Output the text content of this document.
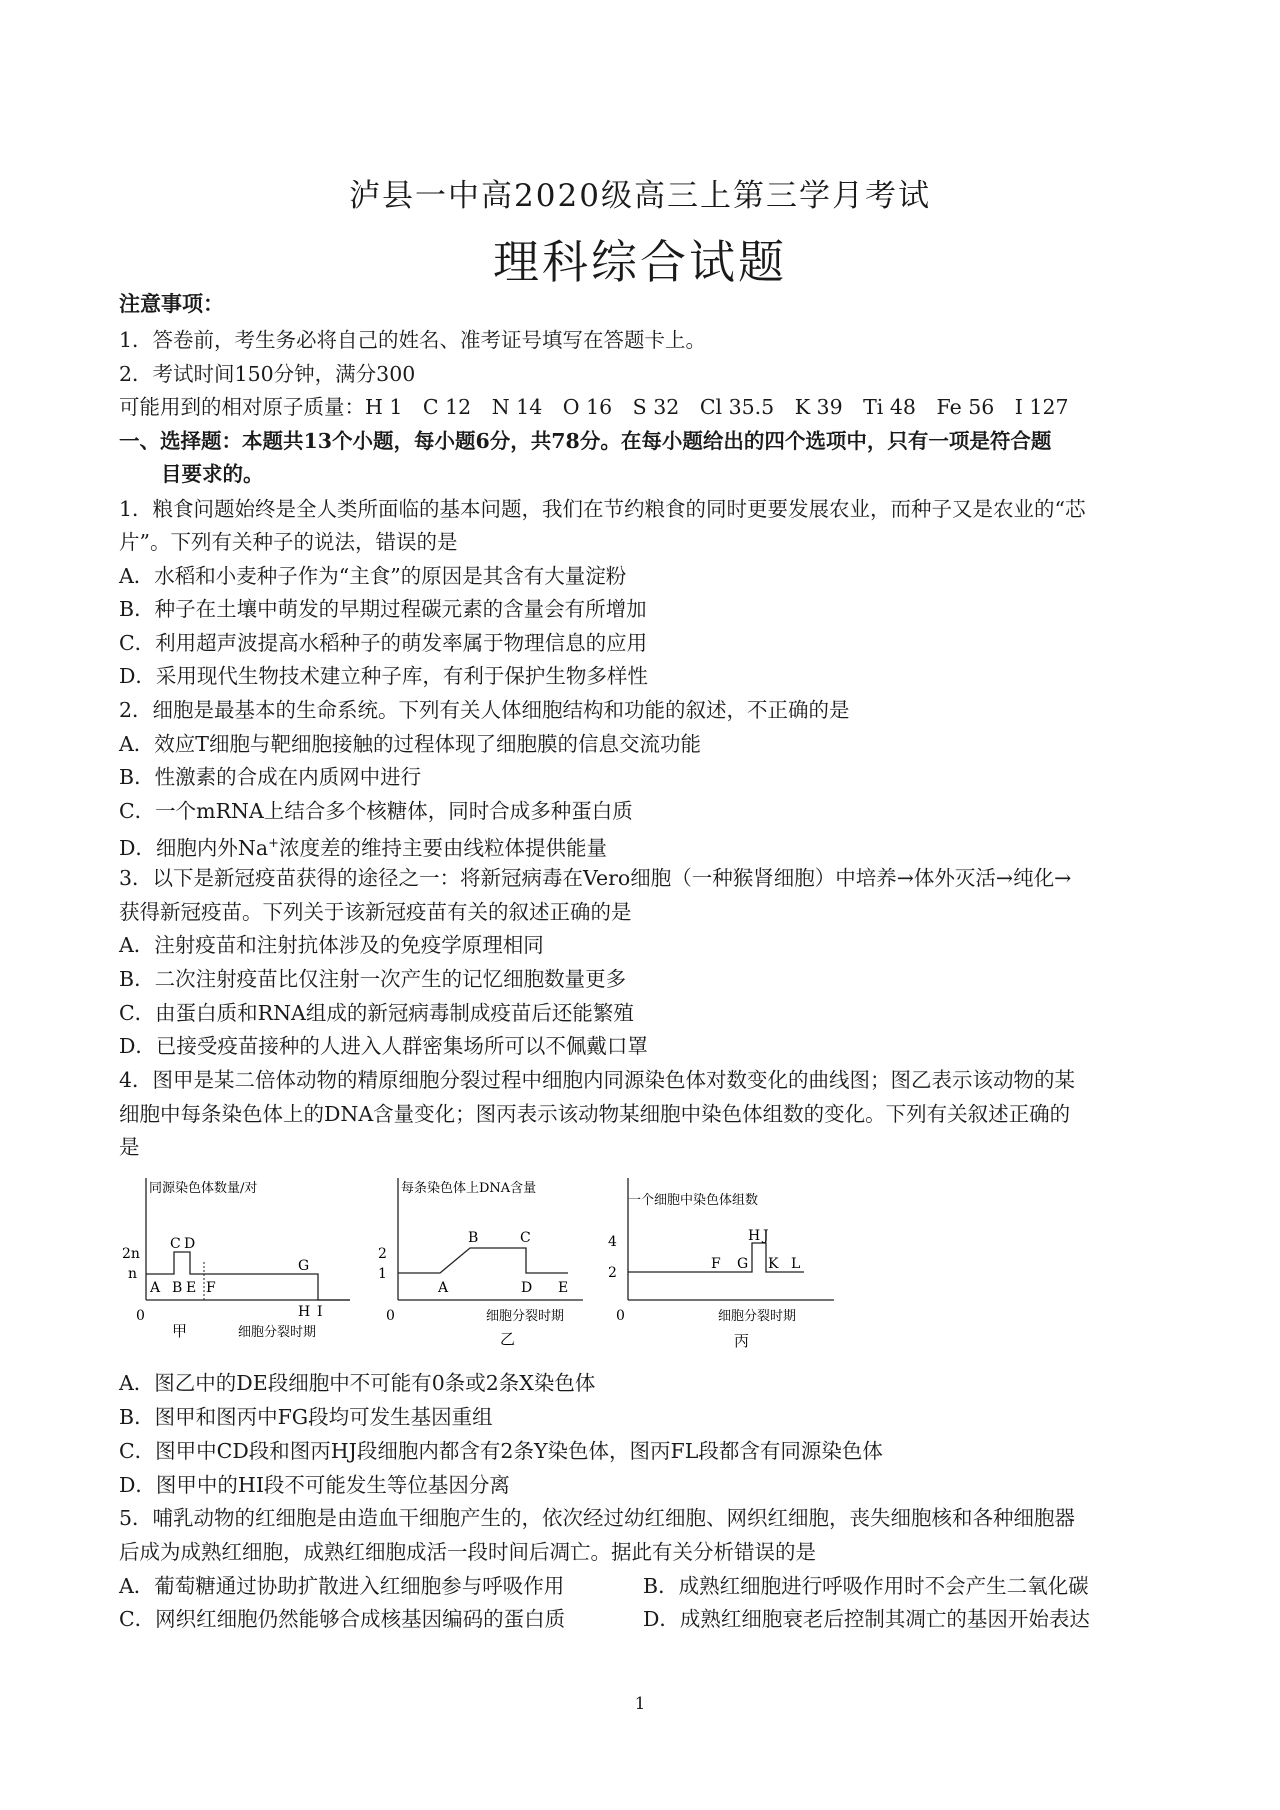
泸县一中高2020级高三上第三学月考试
理科综合试题
注意事项：
1．答卷前，考生务必将自己的姓名、准考证号填写在答题卡上。
2．考试时间150分钟，满分300
可能用到的相对原子质量：H 1　C 12　N 14　O 16　S 32　Cl 35.5　K 39　Ti 48　Fe 56　I 127
一、选择题：本题共13个小题，每小题6分，共78分。在每小题给出的四个选项中，只有一项是符合题
目要求的。
1．粮食问题始终是全人类所面临的基本问题，我们在节约粮食的同时更要发展农业，而种子又是农业的“芯
片”。下列有关种子的说法，错误的是
A．水稻和小麦种子作为“主食”的原因是其含有大量淀粉
B．种子在土壤中萌发的早期过程碳元素的含量会有所增加
C．利用超声波提高水稻种子的萌发率属于物理信息的应用
D．采用现代生物技术建立种子库，有利于保护生物多样性
2．细胞是最基本的生命系统。下列有关人体细胞结构和功能的叙述，不正确的是
A．效应T细胞与靶细胞接触的过程体现了细胞膜的信息交流功能
B．性激素的合成在内质网中进行
C．一个mRNA上结合多个核糖体，同时合成多种蛋白质
D．细胞内外Na+浓度差的维持主要由线粒体提供能量
3．以下是新冠疫苗获得的途径之一：将新冠病毒在Vero细胞（一种猴肾细胞）中培养→体外灭活→纯化→
获得新冠疫苗。下列关于该新冠疫苗有关的叙述正确的是
A．注射疫苗和注射抗体涉及的免疫学原理相同
B．二次注射疫苗比仅注射一次产生的记忆细胞数量更多
C．由蛋白质和RNA组成的新冠病毒制成疫苗后还能繁殖
D．已接受疫苗接种的人进入人群密集场所可以不佩戴口罩
4．图甲是某二倍体动物的精原细胞分裂过程中细胞内同源染色体对数变化的曲线图；图乙表示该动物的某
细胞中每条染色体上的DNA含量变化；图丙表示该动物某细胞中染色体组数的变化。下列有关叙述正确的
是
同源染色体数量/对
2n
n
0
A
C D
B E F
G
H I
甲	细胞分裂时期
每条染色体上DNA含量
2
1
0
A
B	C
D E
细胞分裂时期
乙
一个细胞中染色体组数
4
2
0
F G
H J
K L
细胞分裂时期
丙
A．图乙中的DE段细胞中不可能有0条或2条X染色体
B．图甲和图丙中FG段均可发生基因重组
C．图甲中CD段和图丙HJ段细胞内都含有2条Y染色体，图丙FL段都含有同源染色体
D．图甲中的HI段不可能发生等位基因分离
5．哺乳动物的红细胞是由造血干细胞产生的，依次经过幼红细胞、网织红细胞，丧失细胞核和各种细胞器
后成为成熟红细胞，成熟红细胞成活一段时间后凋亡。据此有关分析错误的是
A．葡萄糖通过协助扩散进入红细胞参与呼吸作用	B．成熟红细胞进行呼吸作用时不会产生二氧化碳
C．网织红细胞仍然能够合成核基因编码的蛋白质	D．成熟红细胞衰老后控制其凋亡的基因开始表达
1
